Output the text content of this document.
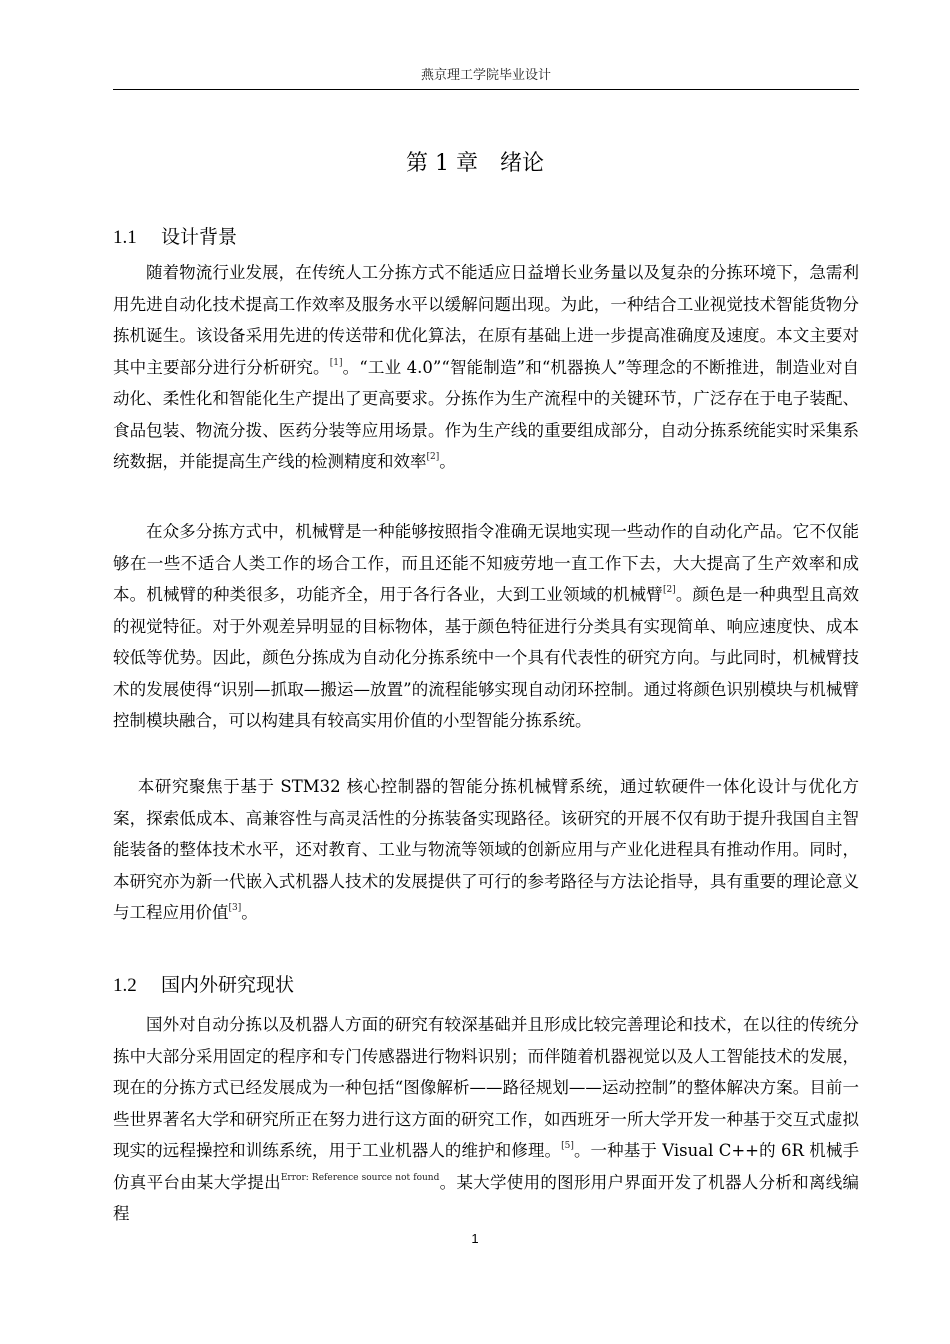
燕京理工学院毕业设计
第 1 章　绪论
1.1 设计背景

随着物流行业发展，在传统人工分拣方式不能适应日益增长业务量以及复杂的分拣环境下，急需利用先进自动化技术提高工作效率及服务水平以缓解问题出现。为此，一种结合工业视觉技术智能货物分拣机诞生。该设备采用先进的传送带和优化算法，在原有基础上进一步提高准确度及速度。本文主要对其中主要部分进行分析研究。[1]。“工业 4.0”“智能制造”和“机器换人”等理念的不断推进，制造业对自动化、柔性化和智能化生产提出了更高要求。分拣作为生产流程中的关键环节，广泛存在于电子装配、食品包装、物流分拨、医药分装等应用场景。作为生产线的重要组成部分，自动分拣系统能实时采集系统数据，并能提高生产线的检测精度和效率[2]。

在众多分拣方式中，机械臂是一种能够按照指令准确无误地实现一些动作的自动化产品。它不仅能够在一些不适合人类工作的场合工作，而且还能不知疲劳地一直工作下去，大大提高了生产效率和成本。机械臂的种类很多，功能齐全，用于各行各业，大到工业领域的机械臂[2]。颜色是一种典型且高效的视觉特征。对于外观差异明显的目标物体，基于颜色特征进行分类具有实现简单、响应速度快、成本较低等优势。因此，颜色分拣成为自动化分拣系统中一个具有代表性的研究方向。与此同时，机械臂技术的发展使得“识别—抓取—搬运—放置”的流程能够实现自动闭环控制。通过将颜色识别模块与机械臂控制模块融合，可以构建具有较高实用价值的小型智能分拣系统。

本研究聚焦于基于 STM32 核心控制器的智能分拣机械臂系统，通过软硬件一体化设计与优化方案，探索低成本、高兼容性与高灵活性的分拣装备实现路径。该研究的开展不仅有助于提升我国自主智能装备的整体技术水平，还对教育、工业与物流等领域的创新应用与产业化进程具有推动作用。同时，本研究亦为新一代嵌入式机器人技术的发展提供了可行的参考路径与方法论指导，具有重要的理论意义与工程应用价值[3]。

1.2 国内外研究现状

国外对自动分拣以及机器人方面的研究有较深基础并且形成比较完善理论和技术，在以往的传统分拣中大部分采用固定的程序和专门传感器进行物料识别；而伴随着机器视觉以及人工智能技术的发展，现在的分拣方式已经发展成为一种包括“图像解析——路径规划——运动控制”的整体解决方案。目前一些世界著名大学和研究所正在努力进行这方面的研究工作，如西班牙一所大学开发一种基于交互式虚拟现实的远程操控和训练系统，用于工业机器人的维护和修理。[5]。一种基于 Visual C++的 6R 机械手仿真平台由某大学提出$^{Error: Reference source not found}$。某大学使用的图形用户界面开发了机器人分析和离线编程

1
